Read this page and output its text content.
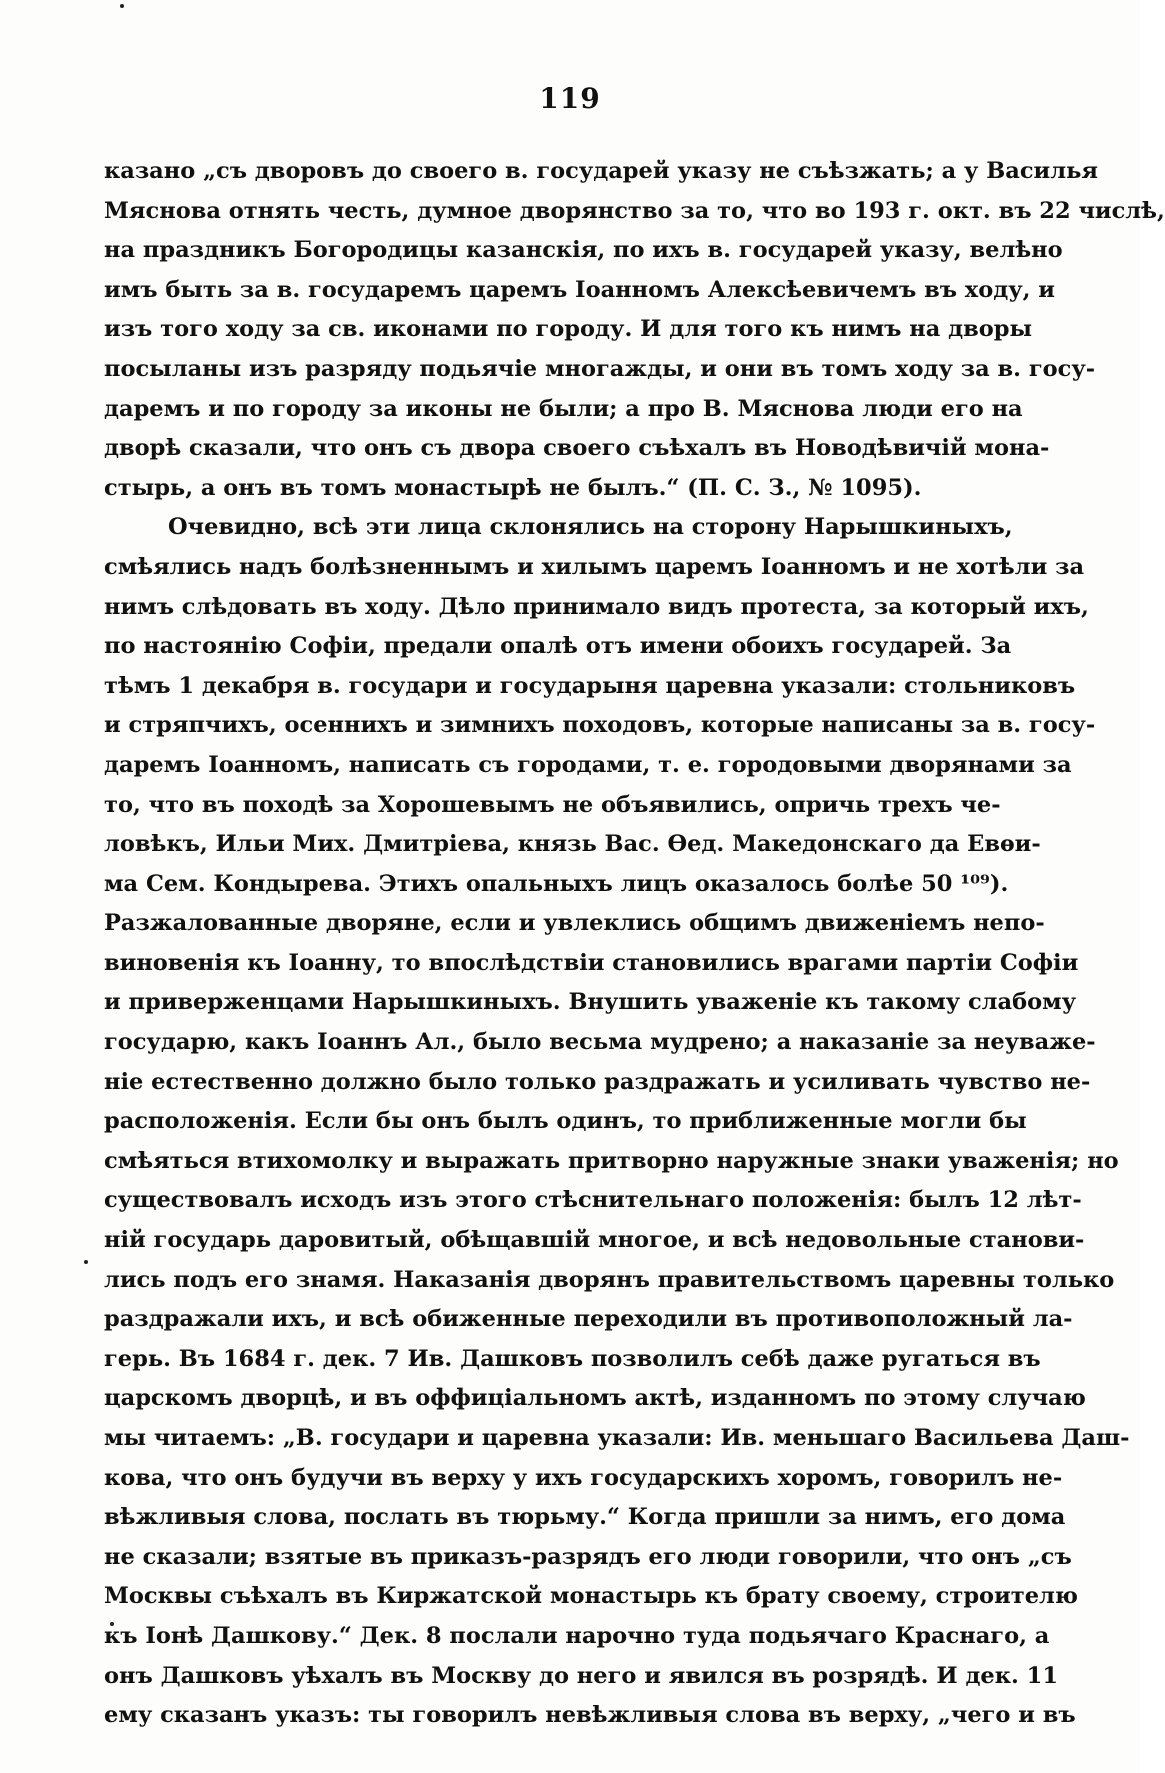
119
казано „съ дворовъ до своего в. государей указу не съѣзжать; а у Василья
Мяснова отнять честь, думное дворянство за то, что во 193 г. окт. въ 22 числѣ,
на праздникъ Богородицы казанскія, по ихъ в. государей указу, велѣно
имъ быть за в. государемъ царемъ Іоанномъ Алексѣевичемъ въ ходу, и
изъ того ходу за св. иконами по городу. И для того къ нимъ на дворы
посыланы изъ разряду подьячіе многажды, и они въ томъ ходу за в. госу-
даремъ и по городу за иконы не были; а про В. Мяснова люди его на
дворѣ сказали, что онъ съ двора своего съѣхалъ въ Новодѣвичій монa-
стырь, а онъ въ томъ монастырѣ не былъ.“ (П. С. З., № 1095).
Очевидно, всѣ эти лица склонялись на сторону Нарышкиныхъ,
смѣялись надъ болѣзненнымъ и хилымъ царемъ Іоанномъ и не хотѣли за
нимъ слѣдовать въ ходу. Дѣло принимало видъ протеста, за который ихъ,
по настоянію Софіи, предали опалѣ отъ имени обоихъ государей. За
тѣмъ 1 декабря в. государи и государыня царевна указали: стольниковъ
и стряпчихъ, осеннихъ и зимнихъ походовъ, которые написаны за в. госу-
даремъ Іоанномъ, написать съ городами, т. е. городовыми дворянами за
то, что въ походѣ за Хорошевымъ не объявились, опричь трехъ че-
ловѣкъ, Ильи Мих. Дмитріева, князь Вас. Ѳед. Македонскаго да Евѳи-
ма Сем. Кондырева. Этихъ опальныхъ лицъ оказалось болѣе 50 ¹⁰⁹).
Разжалованные дворяне, если и увлеклись общимъ движеніемъ непо-
виновенія къ Іоанну, то впослѣдствіи становились врагами партіи Софіи
и приверженцами Нарышкиныхъ. Внушить уваженіе къ такому слабому
государю, какъ Іоаннъ Ал., было весьма мудрено; а наказаніе за неуваже-
ніе естественно должно было только раздражать и усиливать чувство не-
расположенія. Если бы онъ былъ одинъ, то приближенные могли бы
смѣяться втихомолку и выражать притворно наружные знаки уваженія; но
существовалъ исходъ изъ этого стѣснительнаго положенія: былъ 12 лѣт-
ній государь даровитый, обѣщавшій многое, и всѣ недовольные станови-
лись подъ его знамя. Наказанія дворянъ правительствомъ царевны только
раздражали ихъ, и всѣ обиженные переходили въ противоположный ла-
герь. Въ 1684 г. дек. 7 Ив. Дашковъ позволилъ себѣ даже ругаться въ
царскомъ дворцѣ, и въ оффиціальномъ актѣ, изданномъ по этому случаю
мы читаемъ: „В. государи и царевна указали: Ив. меньшаго Васильева Даш-
кова, что онъ будучи въ верху у ихъ государскихъ хоромъ, говорилъ не-
вѣжливыя слова, послать въ тюрьму.“ Когда пришли за нимъ, его дома
не сказали; взятые въ приказъ-разрядъ его люди говорили, что онъ „съ
Москвы съѣхалъ въ Киржатской монастырь къ брату своему, строителю
къ Іонѣ Дашкову.“ Дек. 8 послали нарочно туда подьячаго Краснаго, а
онъ Дашковъ уѣхалъ въ Москву до него и явился въ розрядѣ. И дек. 11
ему сказанъ указъ: ты говорилъ невѣжливыя слова въ верху, „чего и въ
